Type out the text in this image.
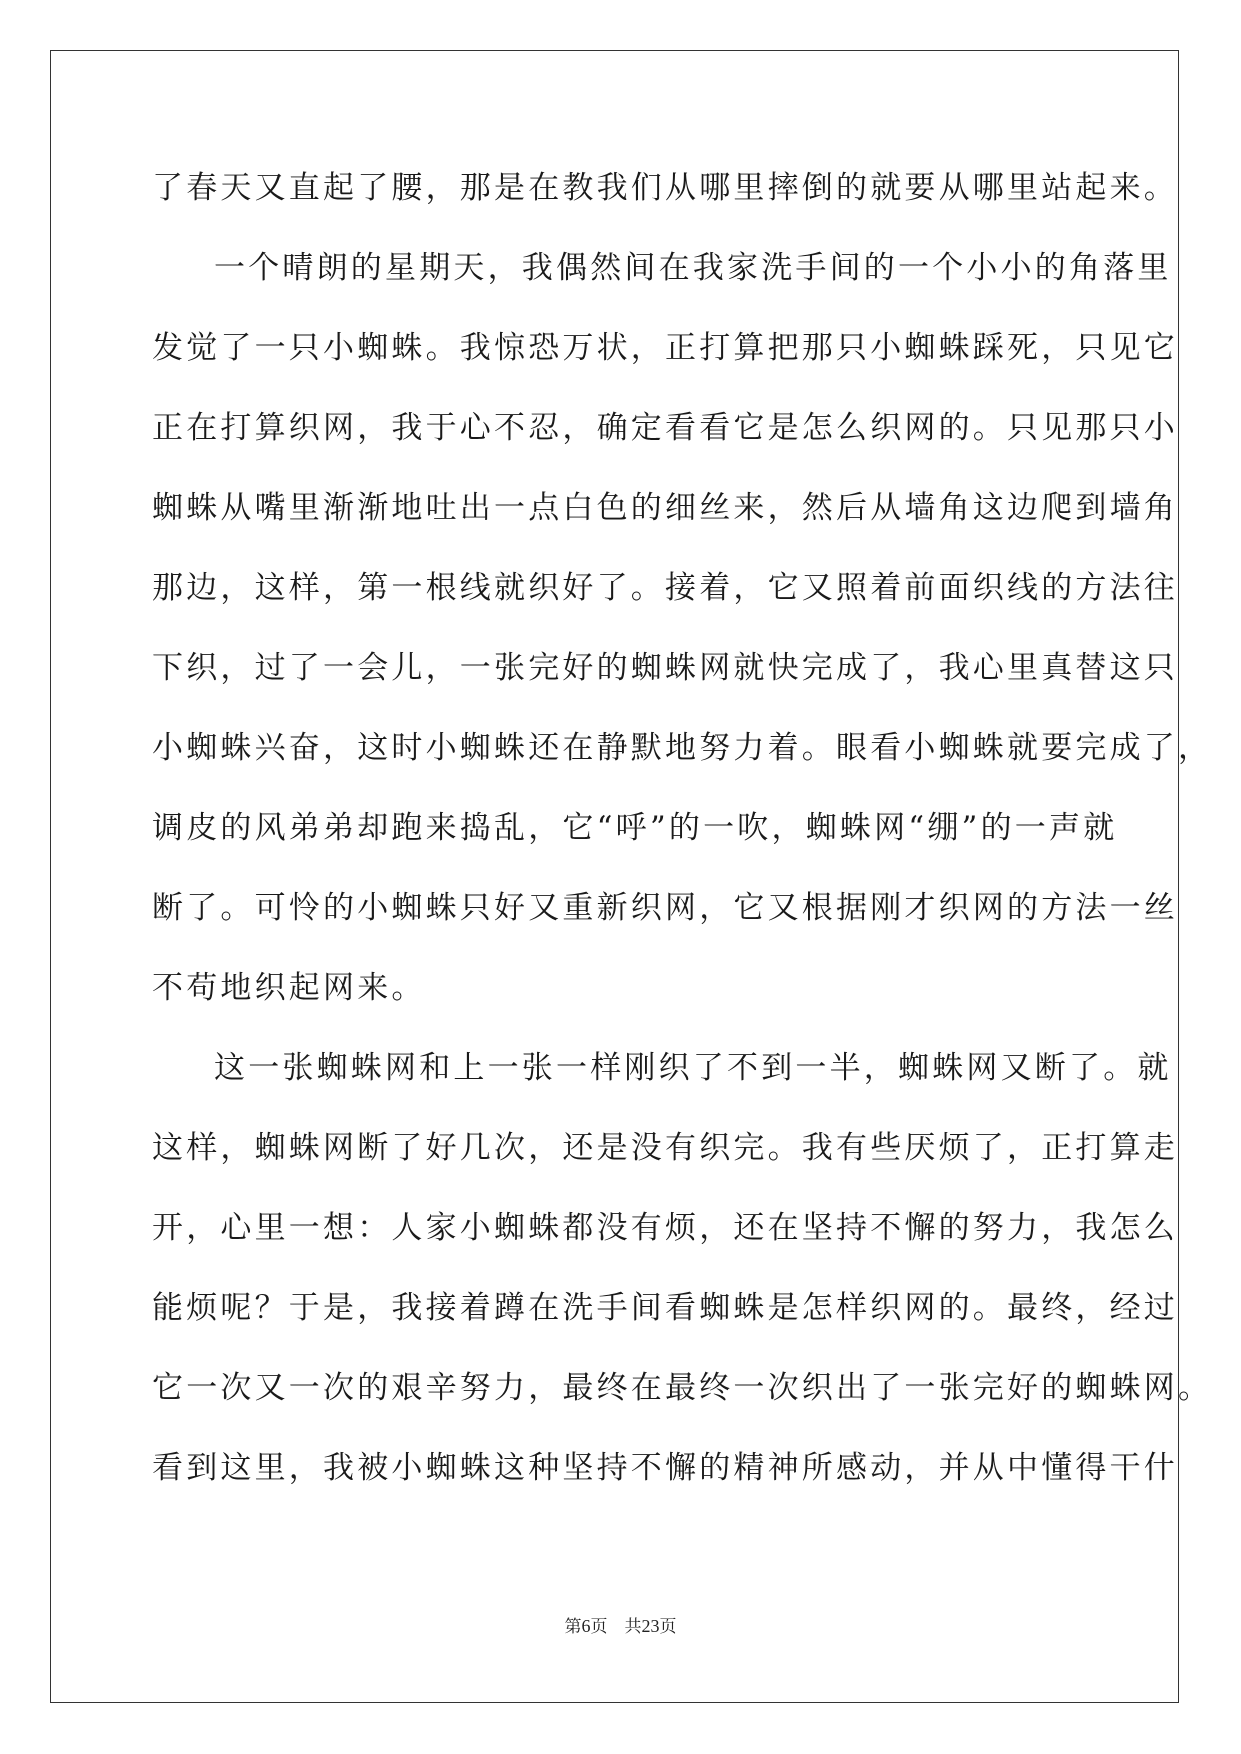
了春天又直起了腰，那是在教我们从哪里摔倒的就要从哪里站起来。
一个晴朗的星期天，我偶然间在我家洗手间的一个小小的角落里
发觉了一只小蜘蛛。我惊恐万状，正打算把那只小蜘蛛踩死，只见它
正在打算织网，我于心不忍，确定看看它是怎么织网的。只见那只小
蜘蛛从嘴里渐渐地吐出一点白色的细丝来，然后从墙角这边爬到墙角
那边，这样，第一根线就织好了。接着，它又照着前面织线的方法往
下织，过了一会儿，一张完好的蜘蛛网就快完成了，我心里真替这只
小蜘蛛兴奋，这时小蜘蛛还在静默地努力着。眼看小蜘蛛就要完成了，
调皮的风弟弟却跑来捣乱，它“呼”的一吹，蜘蛛网“绷”的一声就
断了。可怜的小蜘蛛只好又重新织网，它又根据刚才织网的方法一丝
不苟地织起网来。
这一张蜘蛛网和上一张一样刚织了不到一半，蜘蛛网又断了。就
这样，蜘蛛网断了好几次，还是没有织完。我有些厌烦了，正打算走
开，心里一想：人家小蜘蛛都没有烦，还在坚持不懈的努力，我怎么
能烦呢？于是，我接着蹲在洗手间看蜘蛛是怎样织网的。最终，经过
它一次又一次的艰辛努力，最终在最终一次织出了一张完好的蜘蛛网。
看到这里，我被小蜘蛛这种坚持不懈的精神所感动，并从中懂得干什
第6页 共23页
